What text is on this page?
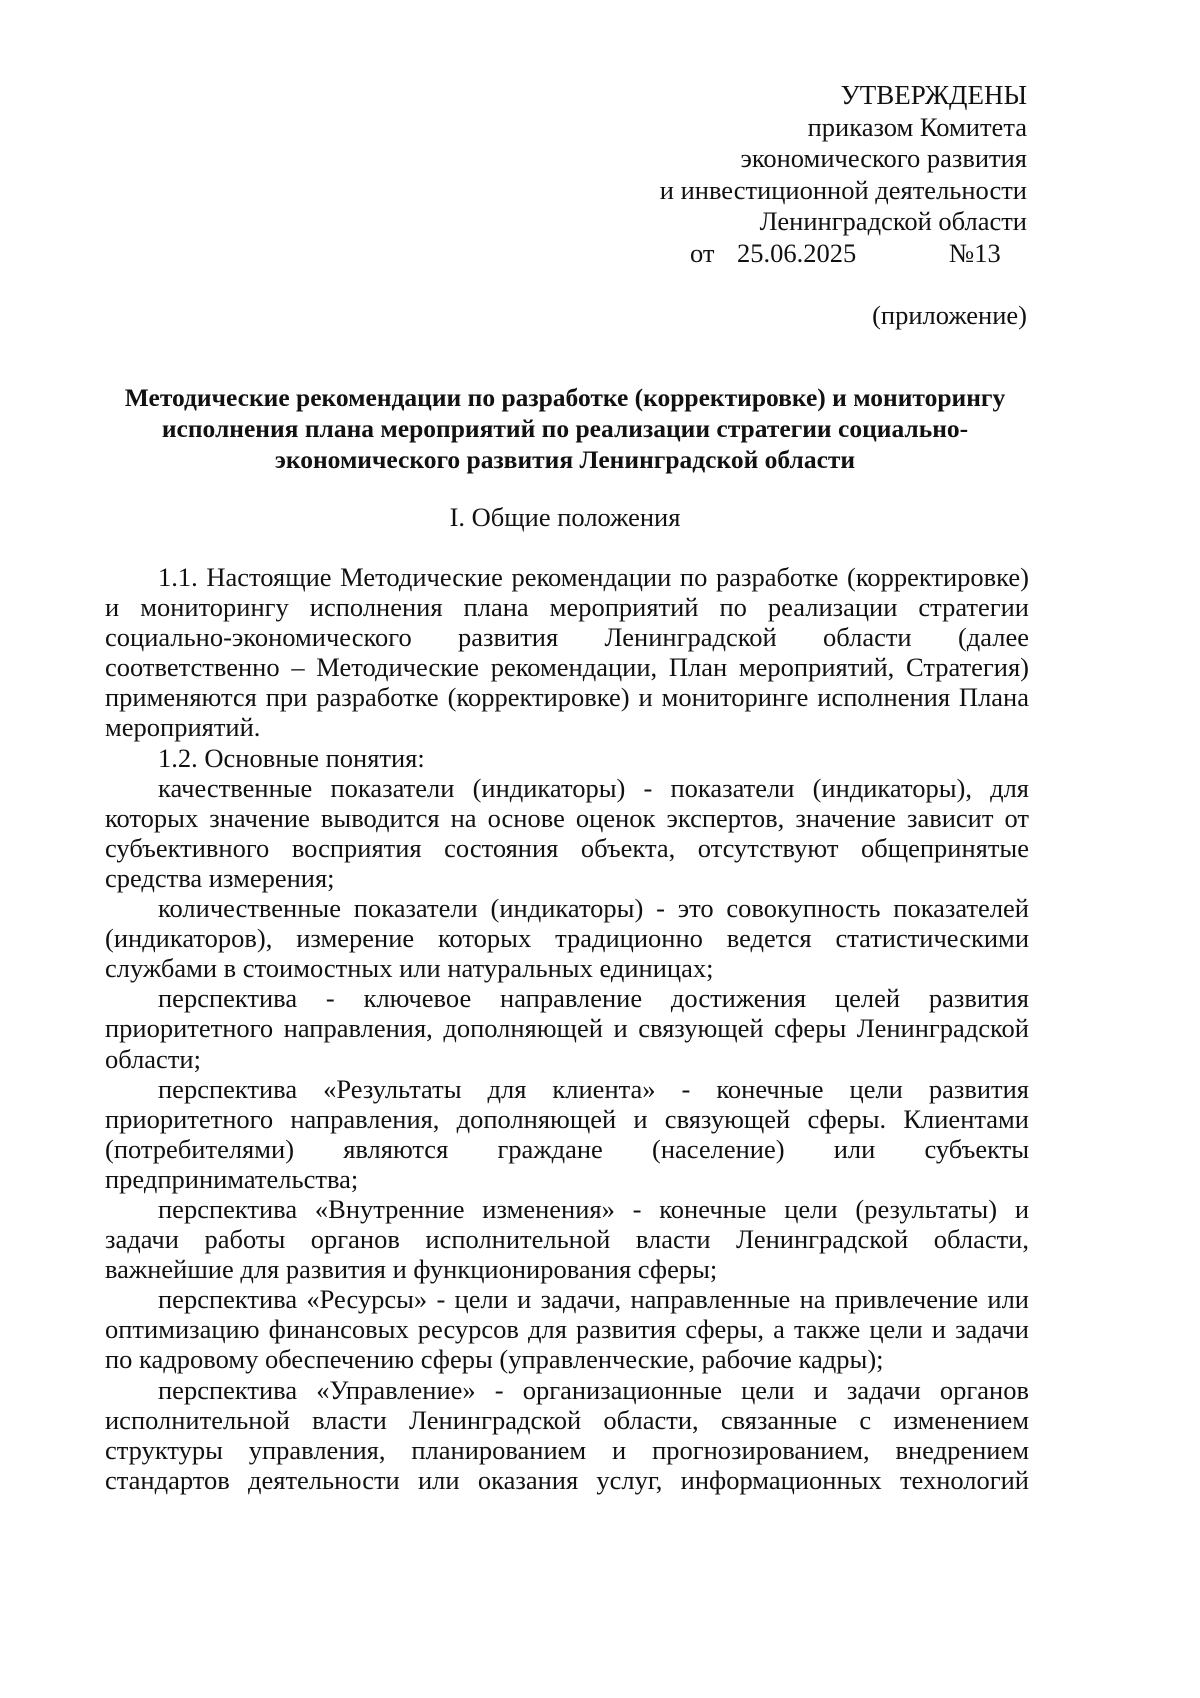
УТВЕРЖДЕНЫ
приказом Комитета
экономического развития
и инвестиционной деятельности
Ленинградской области
от 25.06.2025	№13
(приложение)
Методические рекомендации по разработке (корректировке) и мониторингу
исполнения плана мероприятий по реализации стратегии социально-
экономического развития Ленинградской области
I. Общие положения

1.1. Настоящие Методические рекомендации по разработке (корректировке) и мониторингу исполнения плана мероприятий по реализации стратегии социально-экономического развития Ленинградской области (далее соответственно – Методические рекомендации, План мероприятий, Стратегия) применяются при разработке (корректировке) и мониторинге исполнения Плана мероприятий.

1.2. Основные понятия:

качественные показатели (индикаторы) - показатели (индикаторы), для которых значение выводится на основе оценок экспертов, значение зависит от субъективного восприятия состояния объекта, отсутствуют общепринятые средства измерения;

количественные показатели (индикаторы) - это совокупность показателей (индикаторов), измерение которых традиционно ведется статистическими службами в стоимостных или натуральных единицах;

перспектива - ключевое направление достижения целей развития приоритетного направления, дополняющей и связующей сферы Ленинградской области;

перспектива «Результаты для клиента» - конечные цели развития приоритетного направления, дополняющей и связующей сферы. Клиентами (потребителями) являются граждане (население) или субъекты предпринимательства;

перспектива «Внутренние изменения» - конечные цели (результаты) и задачи работы органов исполнительной власти Ленинградской области, важнейшие для развития и функционирования сферы;

перспектива «Ресурсы» - цели и задачи, направленные на привлечение или оптимизацию финансовых ресурсов для развития сферы, а также цели и задачи по кадровому обеспечению сферы (управленческие, рабочие кадры);

перспектива «Управление» - организационные цели и задачи органов исполнительной власти Ленинградской области, связанные с изменением структуры управления, планированием и прогнозированием, внедрением стандартов деятельности или оказания услуг, информационных технологий
